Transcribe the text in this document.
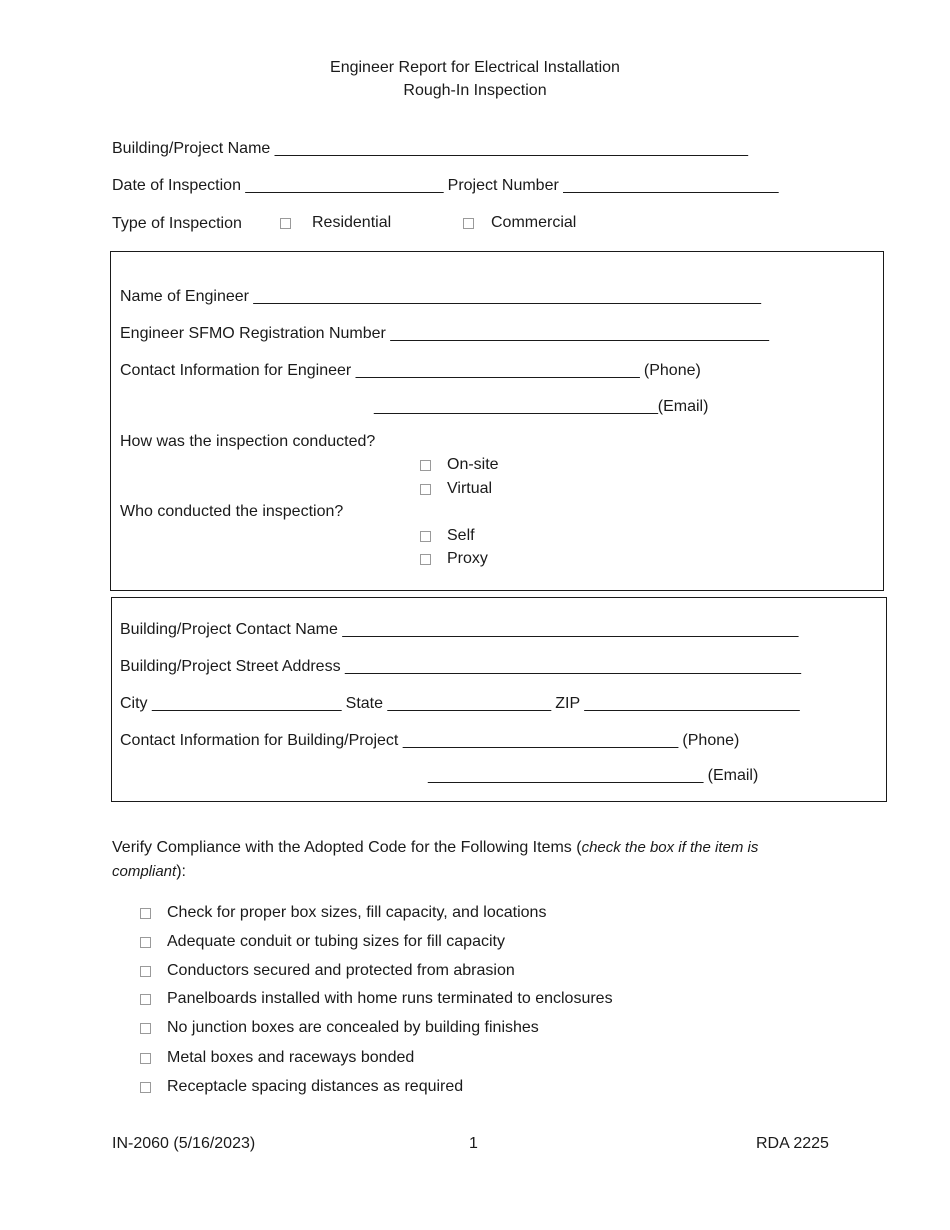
Engineer Report for Electrical Installation
Rough-In Inspection
Building/Project Name _______________________________________________________
Date of Inspection _______________________ Project Number _________________________
Type of Inspection	Residential	Commercial
Name of Engineer ___________________________________________________________
Engineer SFMO Registration Number ____________________________________________
Contact Information for Engineer _________________________________ (Phone)
_________________________________(Email)
How was the inspection conducted?
On-site
Virtual
Who conducted the inspection?
Self
Proxy
Building/Project Contact Name _____________________________________________________
Building/Project Street Address _____________________________________________________
City ______________________ State ___________________ ZIP _________________________
Contact Information for Building/Project ________________________________ (Phone)
________________________________ (Email)
Verify Compliance with the Adopted Code for the Following Items (check the box if the item is
compliant):
Check for proper box sizes, fill capacity, and locations
Adequate conduit or tubing sizes for fill capacity
Conductors secured and protected from abrasion
Panelboards installed with home runs terminated to enclosures
No junction boxes are concealed by building finishes
Metal boxes and raceways bonded
Receptacle spacing distances as required
IN-2060 (5/16/2023)	1	RDA 2225
